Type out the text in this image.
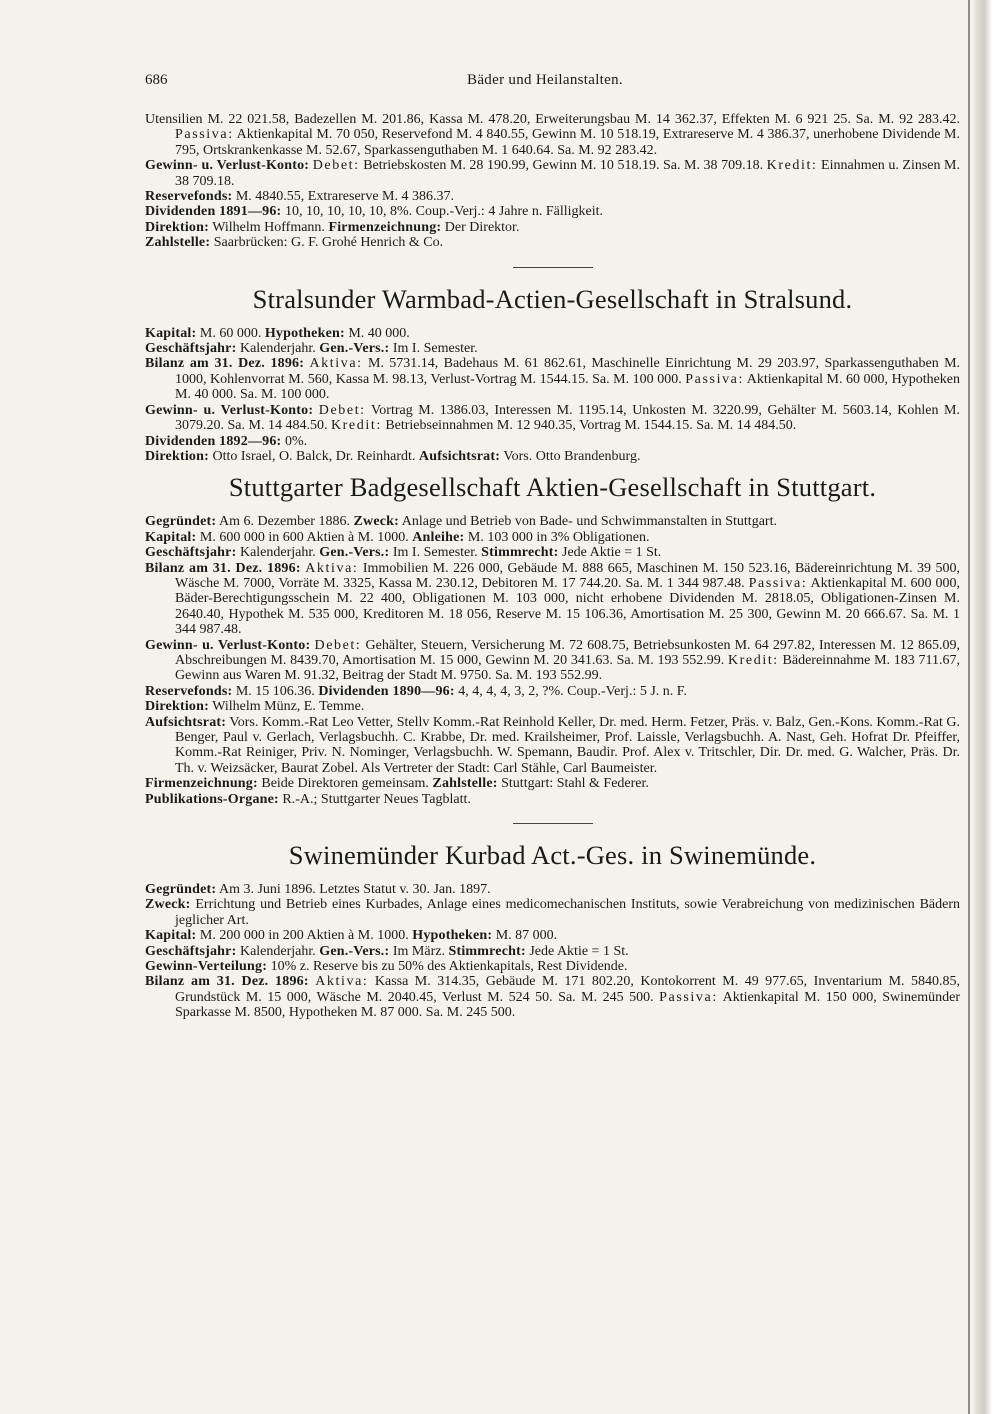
686	Bäder und Heilanstalten.

Utensilien M. 22 021.58, Badezellen M. 201.86, Kassa M. 478.20, Erweiterungsbau M. 14 362.37, Effekten M. 6 921 25. Sa. M. 92 283.42. Passiva: Aktienkapital M. 70 050, Reservefond M. 4 840.55, Gewinn M. 10 518.19, Extrareserve M. 4 386.37, unerhobene Dividende M. 795, Ortskrankenkasse M. 52.67, Sparkassenguthaben M. 1 640.64. Sa. M. 92 283.42.

Gewinn- u. Verlust-Konto: Debet: Betriebskosten M. 28 190.99, Gewinn M. 10 518.19. Sa. M. 38 709.18. Kredit: Einnahmen u. Zinsen M. 38 709.18.

Reservefonds: M. 4840.55, Extrareserve M. 4 386.37.

Dividenden 1891—96: 10, 10, 10, 10, 10, 8%. Coup.-Verj.: 4 Jahre n. Fälligkeit.

Direktion: Wilhelm Hoffmann. Firmenzeichnung: Der Direktor.

Zahlstelle: Saarbrücken: G. F. Grohé Henrich & Co.

Stralsunder Warmbad-Actien-Gesellschaft in Stralsund.

Kapital: M. 60 000. Hypotheken: M. 40 000.

Geschäftsjahr: Kalenderjahr. Gen.-Vers.: Im I. Semester.

Bilanz am 31. Dez. 1896: Aktiva: M. 5731.14, Badehaus M. 61 862.61, Maschinelle Einrichtung M. 29 203.97, Sparkassenguthaben M. 1000, Kohlenvorrat M. 560, Kassa M. 98.13, Verlust-Vortrag M. 1544.15. Sa. M. 100 000. Passiva: Aktienkapital M. 60 000, Hypotheken M. 40 000. Sa. M. 100 000.

Gewinn- u. Verlust-Konto: Debet: Vortrag M. 1386.03, Interessen M. 1195.14, Unkosten M. 3220.99, Gehälter M. 5603.14, Kohlen M. 3079.20. Sa. M. 14 484.50. Kredit: Betriebseinnahmen M. 12 940.35, Vortrag M. 1544.15. Sa. M. 14 484.50.

Dividenden 1892—96: 0%.

Direktion: Otto Israel, O. Balck, Dr. Reinhardt. Aufsichtsrat: Vors. Otto Brandenburg.

Stuttgarter Badgesellschaft Aktien-Gesellschaft in Stuttgart.

Gegründet: Am 6. Dezember 1886. Zweck: Anlage und Betrieb von Bade- und Schwimmanstalten in Stuttgart.

Kapital: M. 600 000 in 600 Aktien à M. 1000. Anleihe: M. 103 000 in 3% Obligationen.

Geschäftsjahr: Kalenderjahr. Gen.-Vers.: Im I. Semester. Stimmrecht: Jede Aktie = 1 St.

Bilanz am 31. Dez. 1896: Aktiva: Immobilien M. 226 000, Gebäude M. 888 665, Maschinen M. 150 523.16, Bädereinrichtung M. 39 500, Wäsche M. 7000, Vorräte M. 3325, Kassa M. 230.12, Debitoren M. 17 744.20. Sa. M. 1 344 987.48. Passiva: Aktienkapital M. 600 000, Bäder-Berechtigungsschein M. 22 400, Obligationen M. 103 000, nicht erhobene Dividenden M. 2818.05, Obligationen-Zinsen M. 2640.40, Hypothek M. 535 000, Kreditoren M. 18 056, Reserve M. 15 106.36, Amortisation M. 25 300, Gewinn M. 20 666.67. Sa. M. 1 344 987.48.

Gewinn- u. Verlust-Konto: Debet: Gehälter, Steuern, Versicherung M. 72 608.75, Betriebsunkosten M. 64 297.82, Interessen M. 12 865.09, Abschreibungen M. 8439.70, Amortisation M. 15 000, Gewinn M. 20 341.63. Sa. M. 193 552.99. Kredit: Bädereinnahme M. 183 711.67, Gewinn aus Waren M. 91.32, Beitrag der Stadt M. 9750. Sa. M. 193 552.99.

Reservefonds: M. 15 106.36. Dividenden 1890—96: 4, 4, 4, 4, 3, 2, ?%. Coup.-Verj.: 5 J. n. F.

Direktion: Wilhelm Münz, E. Temme.

Aufsichtsrat: Vors. Komm.-Rat Leo Vetter, Stellv Komm.-Rat Reinhold Keller, Dr. med. Herm. Fetzer, Präs. v. Balz, Gen.-Kons. Komm.-Rat G. Benger, Paul v. Gerlach, Verlagsbuchh. C. Krabbe, Dr. med. Krailsheimer, Prof. Laissle, Verlagsbuchh. A. Nast, Geh. Hofrat Dr. Pfeiffer, Komm.-Rat Reiniger, Priv. N. Nominger, Verlagsbuchh. W. Spemann, Baudir. Prof. Alex v. Tritschler, Dir. Dr. med. G. Walcher, Präs. Dr. Th. v. Weizsäcker, Baurat Zobel. Als Vertreter der Stadt: Carl Stähle, Carl Baumeister.

Firmenzeichnung: Beide Direktoren gemeinsam. Zahlstelle: Stuttgart: Stahl & Federer.

Publikations-Organe: R.-A.; Stuttgarter Neues Tagblatt.

Swinemünder Kurbad Act.-Ges. in Swinemünde.

Gegründet: Am 3. Juni 1896. Letztes Statut v. 30. Jan. 1897.

Zweck: Errichtung und Betrieb eines Kurbades, Anlage eines medicomechanischen Instituts, sowie Verabreichung von medizinischen Bädern jeglicher Art.

Kapital: M. 200 000 in 200 Aktien à M. 1000. Hypotheken: M. 87 000.

Geschäftsjahr: Kalenderjahr. Gen.-Vers.: Im März. Stimmrecht: Jede Aktie = 1 St.

Gewinn-Verteilung: 10% z. Reserve bis zu 50% des Aktienkapitals, Rest Dividende.

Bilanz am 31. Dez. 1896: Aktiva: Kassa M. 314.35, Gebäude M. 171 802.20, Kontokorrent M. 49 977.65, Inventarium M. 5840.85, Grundstück M. 15 000, Wäsche M. 2040.45, Verlust M. 524 50. Sa. M. 245 500. Passiva: Aktienkapital M. 150 000, Swinemünder Sparkasse M. 8500, Hypotheken M. 87 000. Sa. M. 245 500.
